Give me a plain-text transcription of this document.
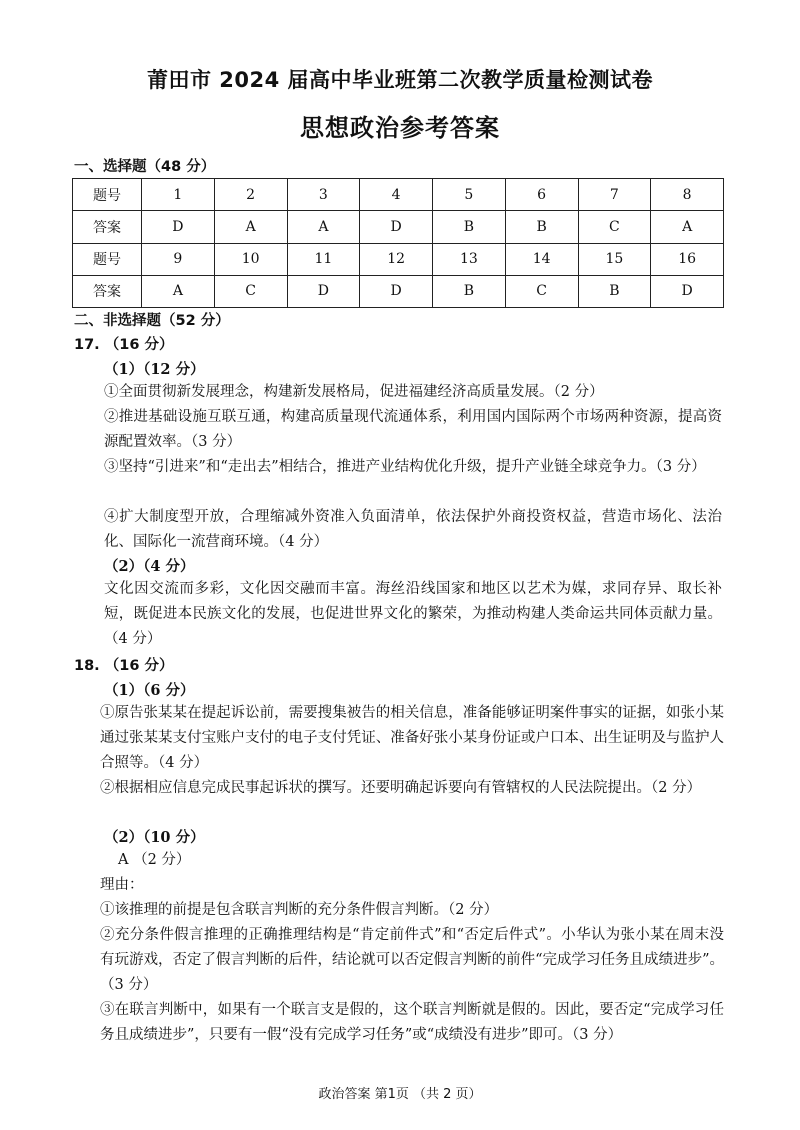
莆田市 2024 届高中毕业班第二次教学质量检测试卷
思想政治参考答案
一、选择题（48 分）
题号	1	2	3	4	5	6	7	8
答案	D	A	A	D	B	B	C	A
题号	9	10	11	12	13	14	15	16
答案	A	C	D	D	B	C	B	D
二、非选择题（52 分）
17. （16 分）
（1）（12 分）
①全面贯彻新发展理念，构建新发展格局，促进福建经济高质量发展。（2 分）
②推进基础设施互联互通，构建高质量现代流通体系，利用国内国际两个市场两种资源，提高资源配置效率。（3 分）
③坚持“引进来”和“走出去”相结合，推进产业结构优化升级，提升产业链全球竞争力。（3 分）
④扩大制度型开放，合理缩减外资准入负面清单，依法保护外商投资权益，营造市场化、法治化、国际化一流营商环境。（4 分）
（2）（4 分）
文化因交流而多彩，文化因交融而丰富。海丝沿线国家和地区以艺术为媒，求同存异、取长补短，既促进本民族文化的发展，也促进世界文化的繁荣，为推动构建人类命运共同体贡献力量。（4 分）
18. （16 分）
（1）（6 分）
①原告张某某在提起诉讼前，需要搜集被告的相关信息，准备能够证明案件事实的证据，如张小某通过张某某支付宝账户支付的电子支付凭证、准备好张小某身份证或户口本、出生证明及与监护人合照等。（4 分）
②根据相应信息完成民事起诉状的撰写。还要明确起诉要向有管辖权的人民法院提出。（2 分）
（2）（10 分）
A （2 分）
理由：
①该推理的前提是包含联言判断的充分条件假言判断。（2 分）
②充分条件假言推理的正确推理结构是“肯定前件式”和“否定后件式”。小华认为张小某在周末没有玩游戏，否定了假言判断的后件，结论就可以否定假言判断的前件“完成学习任务且成绩进步”。（3 分）
③在联言判断中，如果有一个联言支是假的，这个联言判断就是假的。因此，要否定“完成学习任务且成绩进步”，只要有一假“没有完成学习任务”或“成绩没有进步”即可。（3 分）
政治答案 第1页 （共 2 页）
